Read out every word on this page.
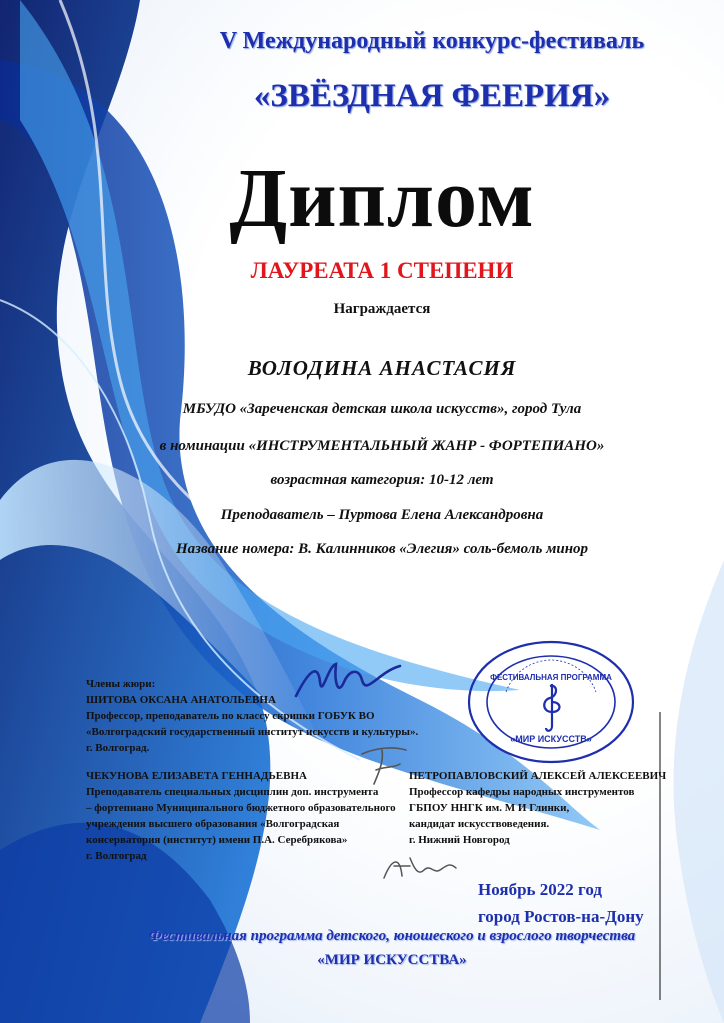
V Международный конкурс-фестиваль
«ЗВЁЗДНАЯ ФЕЕРИЯ»
Диплом
ЛАУРЕАТА 1 СТЕПЕНИ
Награждается
ВОЛОДИНА АНАСТАСИЯ
МБУДО «Зареченская детская школа искусств», город Тула
в номинации «ИНСТРУМЕНТАЛЬНЫЙ ЖАНР - ФОРТЕПИАНО»
возрастная категория: 10-12 лет
Преподаватель – Пуртова Елена Александровна
Название номера: В. Калинников «Элегия» соль-бемоль минор
Члены жюри:
ШИТОВА ОКСАНА АНАТОЛЬЕВНА
Профессор, преподаватель по классу скрипки ГОБУК ВО
«Волгоградский государственный институт искусств и культуры».
г. Волгоград.
ЧЕКУНОВА ЕЛИЗАВЕТА ГЕННАДЬЕВНА
Преподаватель специальных дисциплин доп. инструмента
– фортепиано Муниципального бюджетного образовательного
учреждения высшего образования «Волгоградская
консерватория (институт) имени П.А. Серебрякова»
г. Волгоград
ПЕТРОПАВЛОВСКИЙ АЛЕКСЕЙ АЛЕКСЕЕВИЧ
Профессор кафедры народных инструментов
ГБПОУ ННГК им. М И Глинки,
кандидат искусствоведения.
г. Нижний Новгород
ФЕСТИВАЛЬНАЯ ПРОГРАММА
«МИР ИСКУССТВ»
Ноябрь 2022 год
город Ростов-на-Дону
Фестивальная программа детского, юношеского и взрослого творчества
«МИР ИСКУССТВА»
